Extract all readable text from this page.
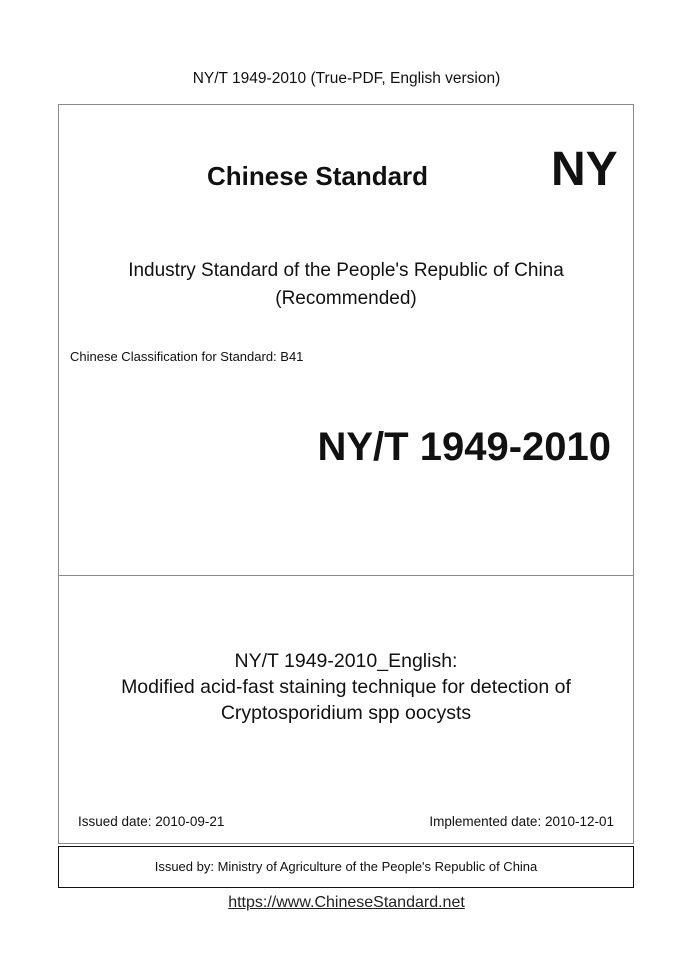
NY/T 1949-2010 (True-PDF, English version)
Chinese Standard	NY
Industry Standard of the People's Republic of China
(Recommended)
Chinese Classification for Standard: B41
NY/T 1949-2010
NY/T 1949-2010_English:
Modified acid-fast staining technique for detection of
Cryptosporidium spp oocysts
Issued date: 2010-09-21	Implemented date: 2010-12-01
Issued by: Ministry of Agriculture of the People's Republic of China
https://www.ChineseStandard.net
